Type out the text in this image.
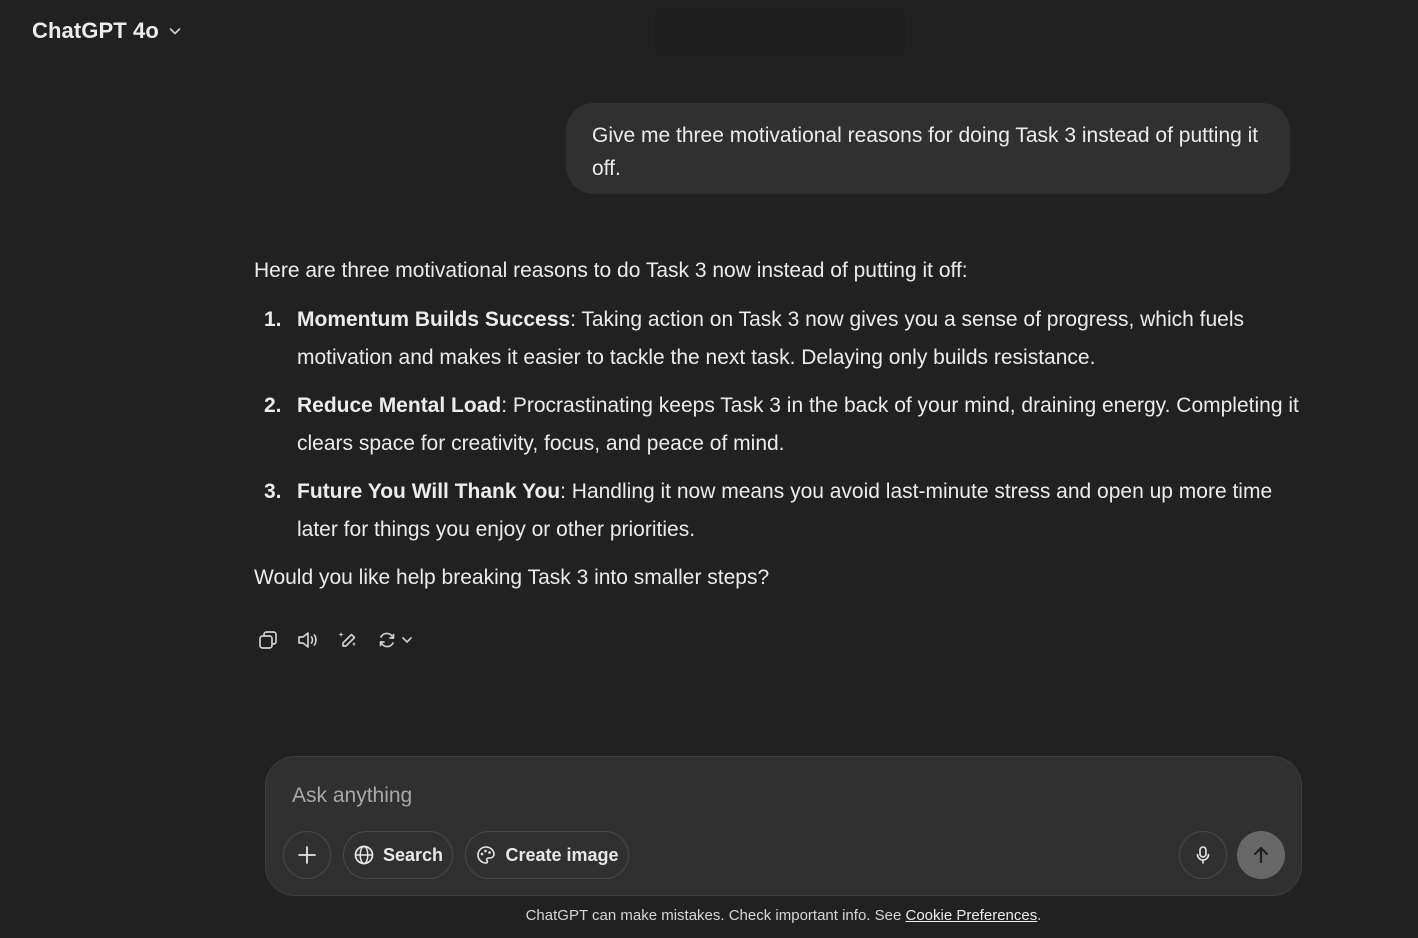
ChatGPT 4o
Give me three motivational reasons for doing Task 3 instead of putting it off.

Here are three motivational reasons to do Task 3 now instead of putting it off:

1. Momentum Builds Success: Taking action on Task 3 now gives you a sense of progress, which fuels motivation and makes it easier to tackle the next task. Delaying only builds resistance.
2. Reduce Mental Load: Procrastinating keeps Task 3 in the back of your mind, draining energy. Completing it clears space for creativity, focus, and peace of mind.
3. Future You Will Thank You: Handling it now means you avoid last-minute stress and open up more time later for things you enjoy or other priorities.

Would you like help breaking Task 3 into smaller steps?

Ask anything
Search	Create image
ChatGPT can make mistakes. Check important info. See Cookie Preferences.
